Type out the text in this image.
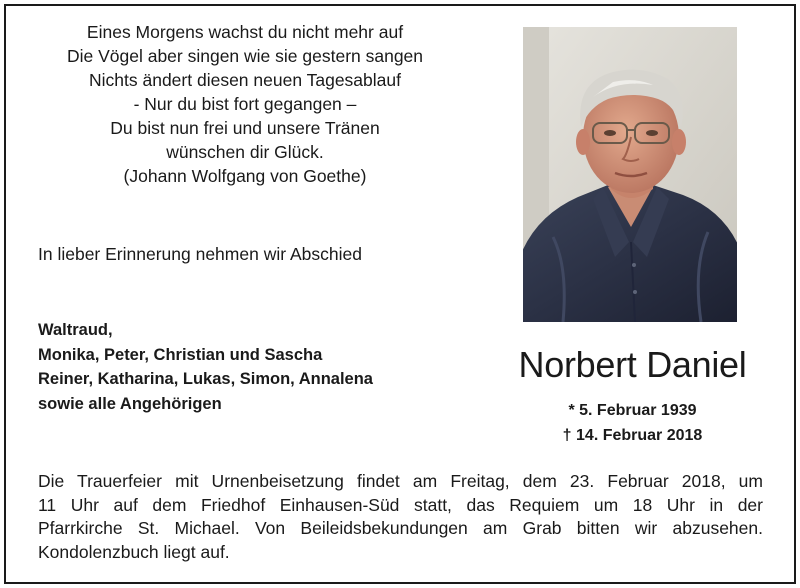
Eines Morgens wachst du nicht mehr auf
Die Vögel aber singen wie sie gestern sangen
Nichts ändert diesen neuen Tagesablauf
- Nur du bist fort gegangen –
Du bist nun frei und unsere Tränen
wünschen dir Glück.
(Johann Wolfgang von Goethe)
In lieber Erinnerung nehmen wir Abschied
Waltraud,
Monika, Peter, Christian und Sascha
Reiner, Katharina, Lukas, Simon, Annalena
sowie alle Angehörigen
Norbert Daniel
* 5. Februar 1939
† 14. Februar 2018
Die Trauerfeier mit Urnenbeisetzung findet am Freitag, dem 23. Februar 2018, um
11 Uhr auf dem Friedhof Einhausen-Süd statt, das Requiem um 18 Uhr in der
Pfarrkirche St. Michael. Von Beileidsbekundungen am Grab bitten wir abzusehen.
Kondolenzbuch liegt auf.
